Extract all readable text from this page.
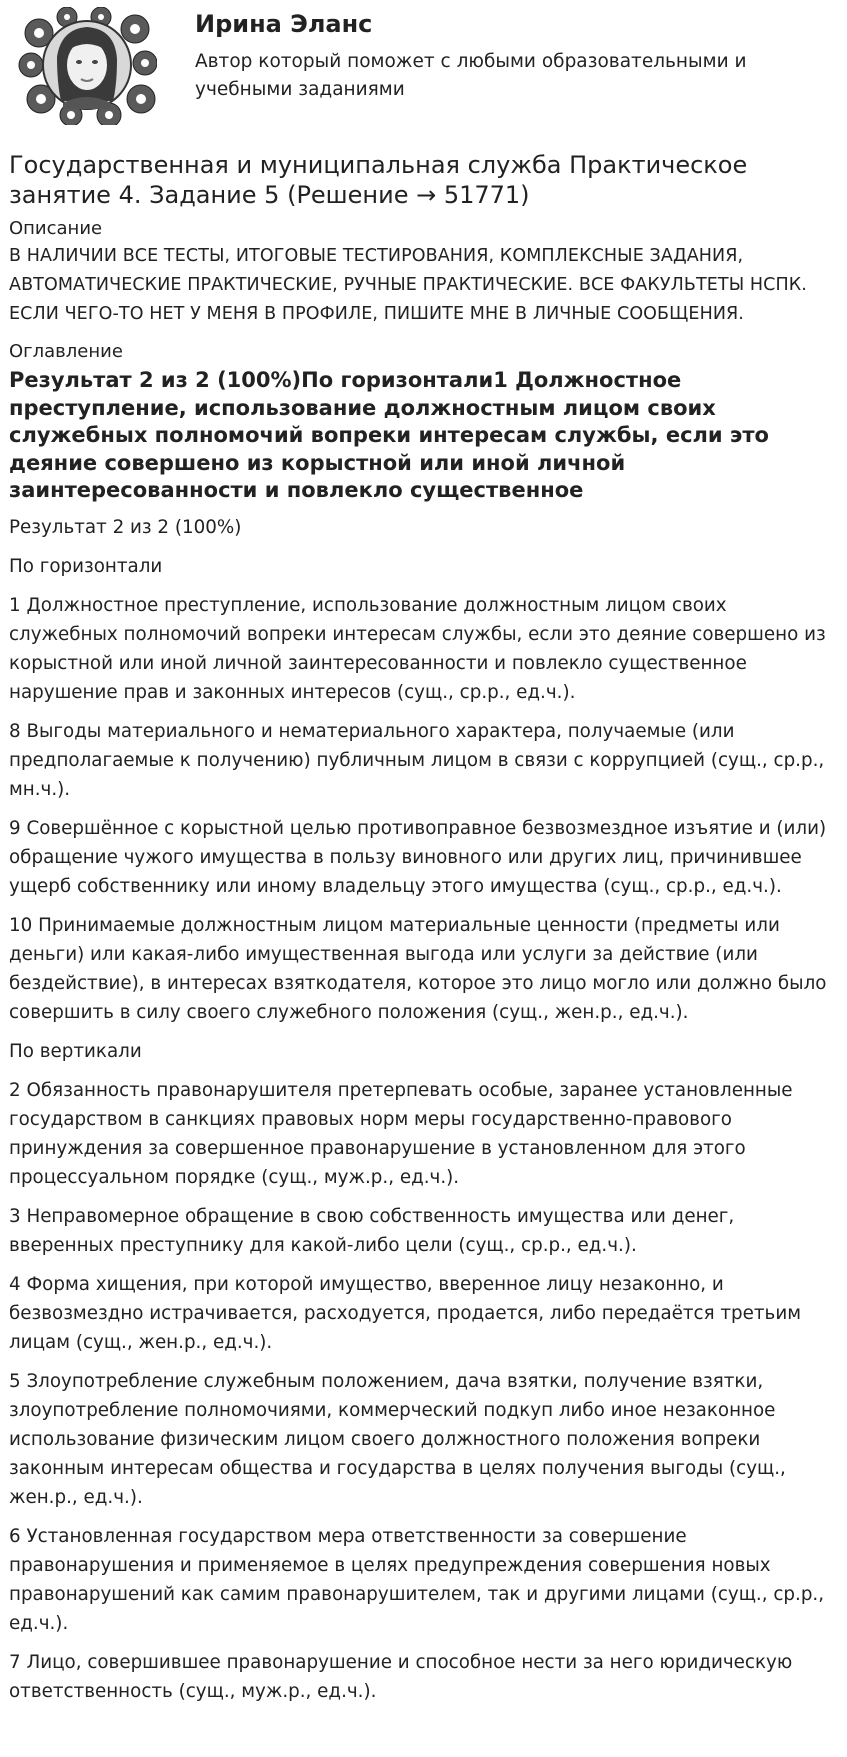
Ирина Эланс
Автор который поможет с любыми образовательными и учебными заданиями
Государственная и муниципальная служба Практическое занятие 4. Задание 5 (Решение → 51771)
Описание
В НАЛИЧИИ ВСЕ ТЕСТЫ, ИТОГОВЫЕ ТЕСТИРОВАНИЯ, КОМПЛЕКСНЫЕ ЗАДАНИЯ, АВТОМАТИЧЕСКИЕ ПРАКТИЧЕСКИЕ, РУЧНЫЕ ПРАКТИЧЕСКИЕ. ВСЕ ФАКУЛЬТЕТЫ НСПК. ЕСЛИ ЧЕГО-ТО НЕТ У МЕНЯ В ПРОФИЛЕ, ПИШИТЕ МНЕ В ЛИЧНЫЕ СООБЩЕНИЯ.
Оглавление
Результат 2 из 2 (100%)По горизонтали1 Должностное преступление, использование должностным лицом своих служебных полномочий вопреки интересам службы, если это деяние совершено из корыстной или иной личной заинтересованности и повлекло существенное

Результат 2 из 2 (100%)

По горизонтали

1 Должностное преступление, использование должностным лицом своих служебных полномочий вопреки интересам службы, если это деяние совершено из корыстной или иной личной заинтересованности и повлекло существенное нарушение прав и законных интересов (сущ., ср.р., ед.ч.).

8 Выгоды материального и нематериального характера, получаемые (или предполагаемые к получению) публичным лицом в связи с коррупцией (сущ., ср.р., мн.ч.).

9 Совершённое с корыстной целью противоправное безвозмездное изъятие и (или) обращение чужого имущества в пользу виновного или других лиц, причинившее ущерб собственнику или иному владельцу этого имущества (сущ., ср.р., ед.ч.).

10 Принимаемые должностным лицом материальные ценности (предметы или деньги) или какая-либо имущественная выгода или услуги за действие (или бездействие), в интересах взяткодателя, которое это лицо могло или должно было совершить в силу своего служебного положения (сущ., жен.р., ед.ч.).

По вертикали

2 Обязанность правонарушителя претерпевать особые, заранее установленные государством в санкциях правовых норм меры государственно-правового принуждения за совершенное правонарушение в установленном для этого процессуальном порядке (сущ., муж.р., ед.ч.).

3 Неправомерное обращение в свою собственность имущества или денег, вверенных преступнику для какой-либо цели (сущ., ср.р., ед.ч.).

4 Форма хищения, при которой имущество, вверенное лицу незаконно, и безвозмездно истрачивается, расходуется, продается, либо передаётся третьим лицам (сущ., жен.р., ед.ч.).

5 Злоупотребление служебным положением, дача взятки, получение взятки, злоупотребление полномочиями, коммерческий подкуп либо иное незаконное использование физическим лицом своего должностного положения вопреки законным интересам общества и государства в целях получения выгоды (сущ., жен.р., ед.ч.).

6 Установленная государством мера ответственности за совершение правонарушения и применяемое в целях предупреждения совершения новых правонарушений как самим правонарушителем, так и другими лицами (сущ., ср.р., ед.ч.).

7 Лицо, совершившее правонарушение и способное нести за него юридическую ответственность (сущ., муж.р., ед.ч.).
